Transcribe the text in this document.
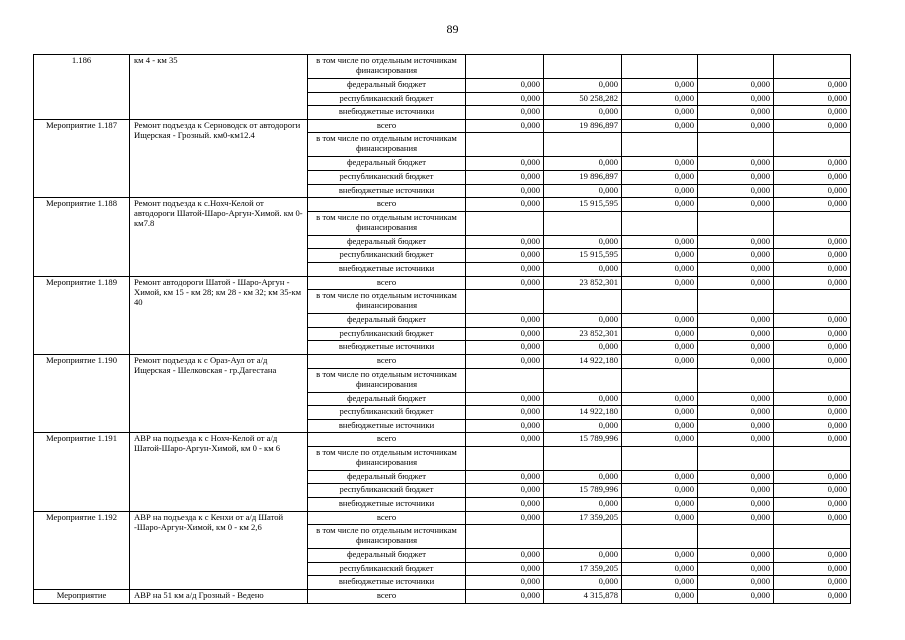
89
1.186	км 4 - км 35	в том числе по отдельным источникам финансирования					
		федеральный бюджет	0,000	0,000	0,000	0,000	0,000
		республиканский бюджет	0,000	50 258,282	0,000	0,000	0,000
		внебюджетные источники	0,000	0,000	0,000	0,000	0,000
Мероприятие 1.187	Ремонт подъезда к Серноводск от автодороги Ищерская - Грозный. км0-км12.4	всего	0,000	19 896,897	0,000	0,000	0,000
		в том числе по отдельным источникам финансирования					
		федеральный бюджет	0,000	0,000	0,000	0,000	0,000
		республиканский бюджет	0,000	19 896,897	0,000	0,000	0,000
		внебюджетные источники	0,000	0,000	0,000	0,000	0,000
Мероприятие 1.188	Ремонт подъезда к с.Нохч-Келой от автодороги Шатой-Шаро-Аргун-Химой. км 0-км7.8	всего	0,000	15 915,595	0,000	0,000	0,000
		в том числе по отдельным источникам финансирования					
		федеральный бюджет	0,000	0,000	0,000	0,000	0,000
		республиканский бюджет	0,000	15 915,595	0,000	0,000	0,000
		внебюджетные источники	0,000	0,000	0,000	0,000	0,000
Мероприятие 1.189	Ремонт автодороги Шатой - Шаро-Аргун - Химой, км 15 - км 28; км 28 - км 32; км 35-км 40	всего	0,000	23 852,301	0,000	0,000	0,000
		в том числе по отдельным источникам финансирования					
		федеральный бюджет	0,000	0,000	0,000	0,000	0,000
		республиканский бюджет	0,000	23 852,301	0,000	0,000	0,000
		внебюджетные источники	0,000	0,000	0,000	0,000	0,000
Мероприятие 1.190	Ремонт подъезда к с Ораз-Аул от а/д Ищерская - Шелковская - гр.Дагестана	всего	0,000	14 922,180	0,000	0,000	0,000
		в том числе по отдельным источникам финансирования					
		федеральный бюджет	0,000	0,000	0,000	0,000	0,000
		республиканский бюджет	0,000	14 922,180	0,000	0,000	0,000
		внебюджетные источники	0,000	0,000	0,000	0,000	0,000
Мероприятие 1.191	АВР на подъезда к с Нохч-Келой от а/д Шатой-Шаро-Аргун-Химой, км 0 - км 6	всего	0,000	15 789,996	0,000	0,000	0,000
		в том числе по отдельным источникам финансирования					
		федеральный бюджет	0,000	0,000	0,000	0,000	0,000
		республиканский бюджет	0,000	15 789,996	0,000	0,000	0,000
		внебюджетные источники	0,000	0,000	0,000	0,000	0,000
Мероприятие 1.192	АВР на подъезда к с Кенхи от а/д Шатой -Шаро-Аргун-Химой, км 0 - км 2,6	всего	0,000	17 359,205	0,000	0,000	0,000
		в том числе по отдельным источникам финансирования					
		федеральный бюджет	0,000	0,000	0,000	0,000	0,000
		республиканский бюджет	0,000	17 359,205	0,000	0,000	0,000
		внебюджетные источники	0,000	0,000	0,000	0,000	0,000
Мероприятие	АВР на 51 км а/д Грозный - Ведено	всего	0,000	4 315,878	0,000	0,000	0,000
